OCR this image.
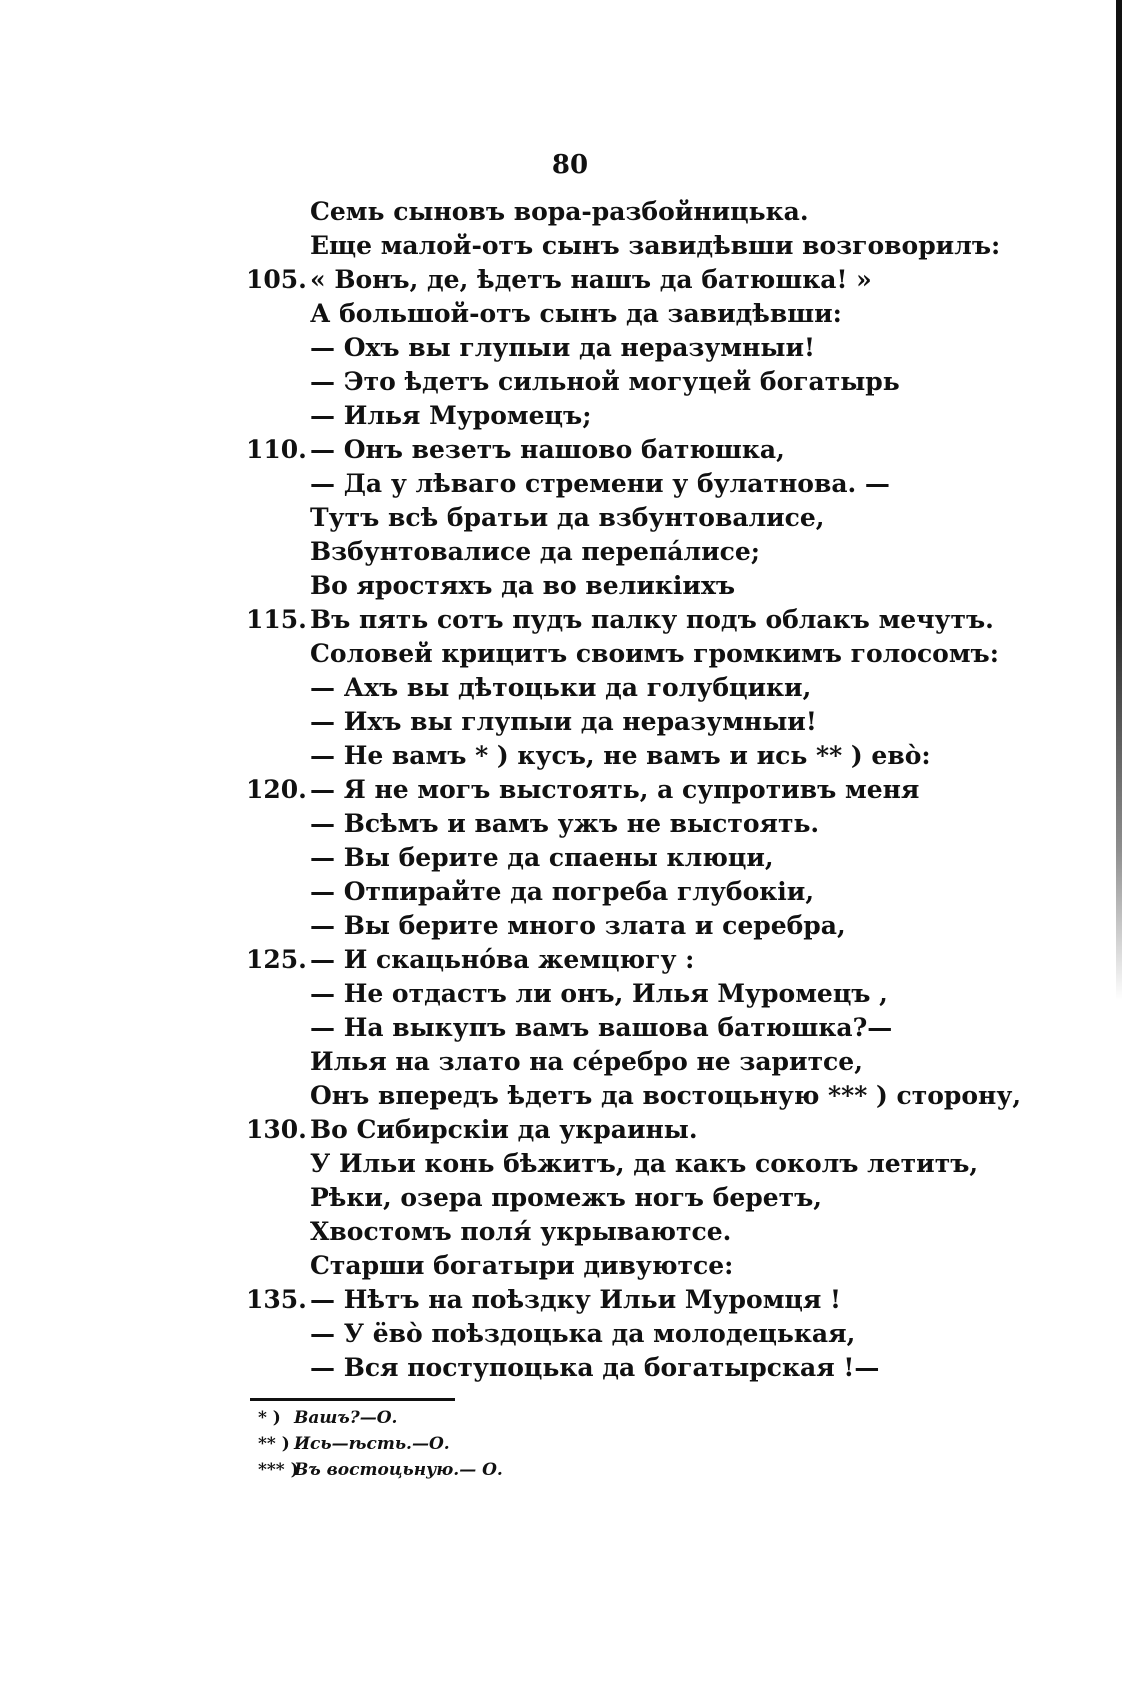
80
Семь сыновъ вора-разбойницька.
Еще малой-отъ сынъ завидѣвши возговорилъ:
105. « Вонъ, де, ѣдетъ нашъ да батюшка! »
А большой-отъ сынъ да завидѣвши:
— Охъ вы глупыи да неразумныи!
— Это ѣдетъ сильной могуцей богатырь
— Илья Муромецъ;
110. — Онъ везетъ нашово батюшка,
— Да у лѣваго стремени у булатнова. —
Тутъ всѣ братьи да взбунтовалисе,
Взбунтовалисе да перепáлисе;
Во яростяхъ да во великiихъ
115. Въ пять сотъ пудъ палку подъ облакъ мечутъ.
Соловей крицитъ своимъ громкимъ голосомъ:
— Ахъ вы дѣтоцьки да голубцики,
— Ихъ вы глупыи да неразумныи!
— Не вамъ * ) кусъ, не вамъ и ись ** ) евò:
120. — Я не могъ выстоять, а супротивъ меня
— Всѣмъ и вамъ ужъ не выстоять.
— Вы берите да спаены клюци,
— Отпирайте да погреба глубокiи,
— Вы берите много злата и серебра,
125. — И скацьнóва жемцюгу :
— Не отдастъ ли онъ, Илья Муромецъ ,
— На выкупъ вамъ вашова батюшка?—
Илья на злато на cépебро не заритсе,
Онъ впередъ ѣдетъ да востоцьную *** ) сторону,
130. Во Сибирскiи да украины.
У Ильи конь бѣжитъ, да какъ соколъ летитъ,
Рѣки, озера промежъ ногъ беретъ,
Хвостомъ поля́ укрываютсе.
Старши богатыри дивуютсе:
135. — Нѣтъ на поѣздку Ильи Муромця !
— У ёвò поѣздоцька да молодецькая,
— Вся поступоцька да богатырская !—
* ) Вашъ?—О.
** ) Ись—ѣсть.—О.
*** )Въ востоцьную.— О.
